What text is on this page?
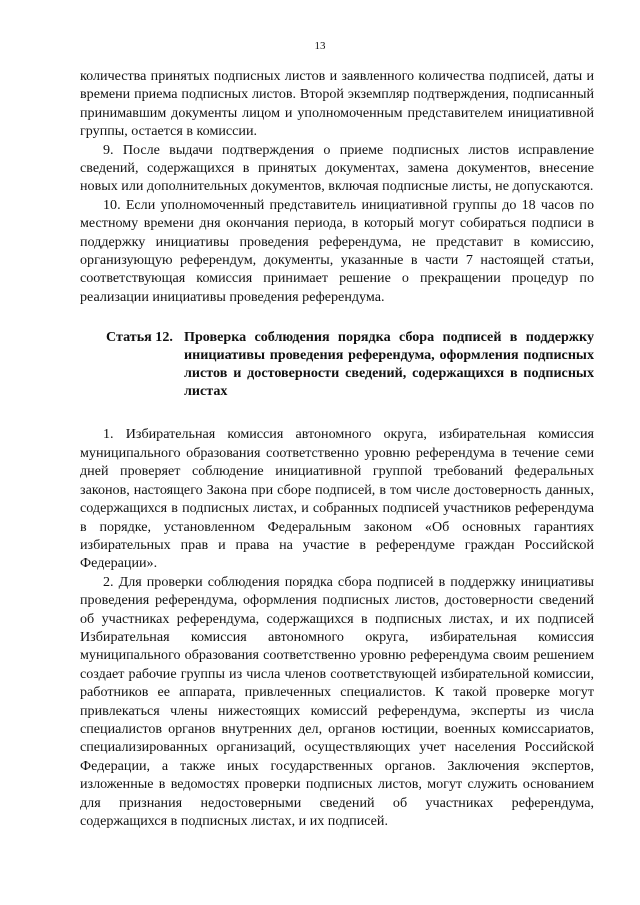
13

количества принятых подписных листов и заявленного количества подписей, даты и времени приема подписных листов. Второй экземпляр подтверждения, подписанный принимавшим документы лицом и уполномоченным представителем инициативной группы, остается в комиссии.

9. После выдачи подтверждения о приеме подписных листов исправление сведений, содержащихся в принятых документах, замена документов, внесение новых или дополнительных документов, включая подписные листы, не допускаются.

10. Если уполномоченный представитель инициативной группы до 18 часов по местному времени дня окончания периода, в который могут собираться подписи в поддержку инициативы проведения референдума, не представит в комиссию, организующую референдум, документы, указанные в части 7 настоящей статьи, соответствующая комиссия принимает решение о прекращении процедур по реализации инициативы проведения референдума.

Статья 12. Проверка соблюдения порядка сбора подписей в поддержку инициативы проведения референдума, оформления подписных листов и достоверности сведений, содержащихся в подписных листах

1. Избирательная комиссия автономного округа, избирательная комиссия муниципального образования соответственно уровню референдума в течение семи дней проверяет соблюдение инициативной группой требований федеральных законов, настоящего Закона при сборе подписей, в том числе достоверность данных, содержащихся в подписных листах, и собранных подписей участников референдума в порядке, установленном Федеральным законом «Об основных гарантиях избирательных прав и права на участие в референдуме граждан Российской Федерации».

2. Для проверки соблюдения порядка сбора подписей в поддержку инициативы проведения референдума, оформления подписных листов, достоверности сведений об участниках референдума, содержащихся в подписных листах, и их подписей Избирательная комиссия автономного округа, избирательная комиссия муниципального образования соответственно уровню референдума своим решением создает рабочие группы из числа членов соответствующей избирательной комиссии, работников ее аппарата, привлеченных специалистов. К такой проверке могут привлекаться члены нижестоящих комиссий референдума, эксперты из числа специалистов органов внутренних дел, органов юстиции, военных комиссариатов, специализированных организаций, осуществляющих учет населения Российской Федерации, а также иных государственных органов. Заключения экспертов, изложенные в ведомостях проверки подписных листов, могут служить основанием для признания недостоверными сведений об участниках референдума, содержащихся в подписных листах, и их подписей.
